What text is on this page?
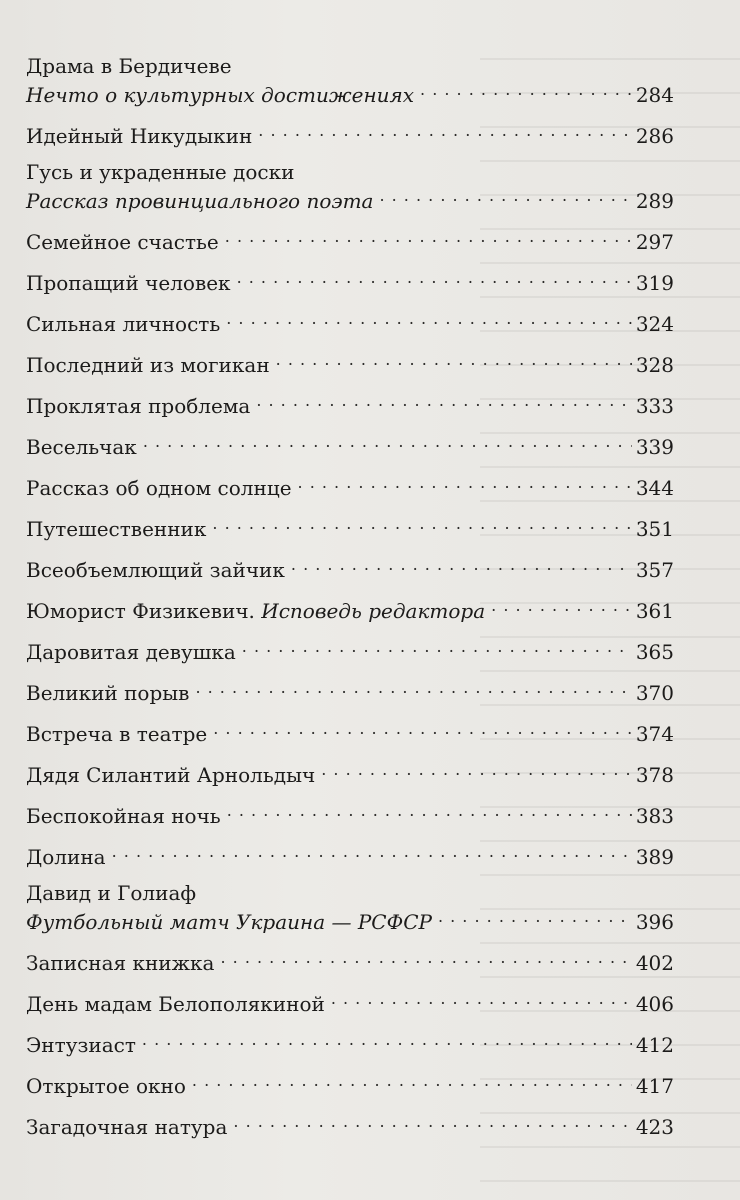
Драма в Бердичеве
Нечто о культурных достижениях . . .	284
Идейный Никудыкин . . .	286
Гусь и украденные доски
Рассказ провинциального поэта . . .	289
Семейное счастье . . .	297
Пропащий человек . . .	319
Сильная личность . . .	324
Последний из могикан . . .	328
Проклятая проблема . . .	333
Весельчак . . .	339
Рассказ об одном солнце . . .	344
Путешественник . . .	351
Всеобъемлющий зайчик . . .	357
Юморист Физикевич. Исповедь редактора . . .	361
Даровитая девушка . . .	365
Великий порыв . . .	370
Встреча в театре . . .	374
Дядя Силантий Арнольдыч . . .	378
Беспокойная ночь . . .	383
Долина . . .	389
Давид и Голиаф
Футбольный матч Украина — РСФСР . . .	396
Записная книжка . . .	402
День мадам Белополякиной . . .	406
Энтузиаст . . .	412
Открытое окно . . .	417
Загадочная натура . . .	423
